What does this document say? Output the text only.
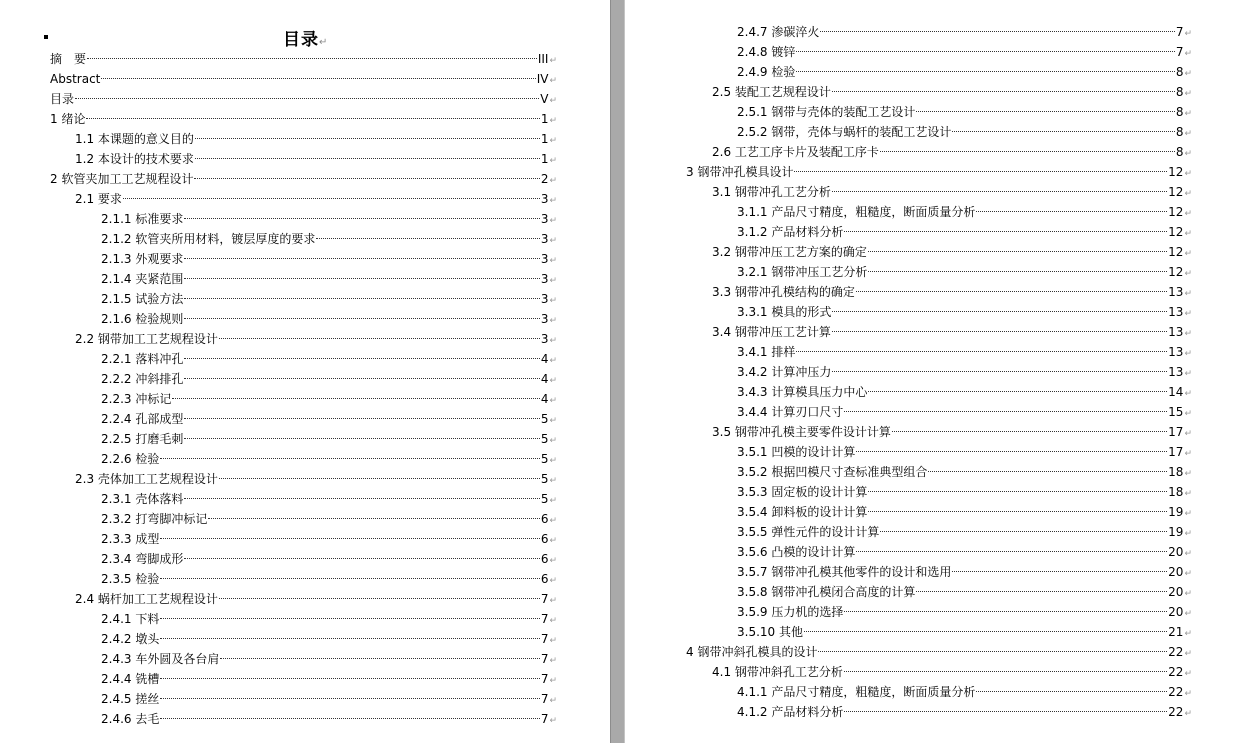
目录↵
摘　要	III ↵
Abstract	IV ↵
目录	V ↵
1 绪论	1 ↵
1.1 本课题的意义目的	1 ↵
1.2 本设计的技术要求	1 ↵
2 软管夹加工工艺规程设计	2 ↵
2.1 要求	3 ↵
2.1.1 标准要求	3 ↵
2.1.2 软管夹所用材料，镀层厚度的要求	3 ↵
2.1.3 外观要求	3 ↵
2.1.4 夹紧范围	3 ↵
2.1.5 试验方法	3 ↵
2.1.6 检验规则	3 ↵
2.2 钢带加工工艺规程设计	3 ↵
2.2.1 落料冲孔	4 ↵
2.2.2 冲斜排孔	4 ↵
2.2.3 冲标记	4 ↵
2.2.4 孔部成型	5 ↵
2.2.5 打磨毛刺	5 ↵
2.2.6 检验	5 ↵
2.3 壳体加工工艺规程设计	5 ↵
2.3.1 壳体落料	5 ↵
2.3.2 打弯脚冲标记	6 ↵
2.3.3 成型	6 ↵
2.3.4 弯脚成形	6 ↵
2.3.5 检验	6 ↵
2.4 蜗杆加工工艺规程设计	7 ↵
2.4.1 下料	7 ↵
2.4.2 墩头	7 ↵
2.4.3 车外圆及各台肩	7 ↵
2.4.4 铣槽	7 ↵
2.4.5 搓丝	7 ↵
2.4.6 去毛	7 ↵
2.4.7 渗碳淬火	7 ↵
2.4.8 镀锌	7 ↵
2.4.9 检验	8 ↵
2.5 装配工艺规程设计	8 ↵
2.5.1 钢带与壳体的装配工艺设计	8 ↵
2.5.2 钢带，壳体与蜗杆的装配工艺设计	8 ↵
2.6 工艺工序卡片及装配工序卡	8 ↵
3 钢带冲孔模具设计	12 ↵
3.1 钢带冲孔工艺分析	12 ↵
3.1.1 产品尺寸精度，粗糙度，断面质量分析	12 ↵
3.1.2 产品材料分析	12 ↵
3.2 钢带冲压工艺方案的确定	12 ↵
3.2.1 钢带冲压工艺分析	12 ↵
3.3 钢带冲孔模结构的确定	13 ↵
3.3.1 模具的形式	13 ↵
3.4 钢带冲压工艺计算	13 ↵
3.4.1 排样	13 ↵
3.4.2 计算冲压力	13 ↵
3.4.3 计算模具压力中心	14 ↵
3.4.4 计算刃口尺寸	15 ↵
3.5 钢带冲孔模主要零件设计计算	17 ↵
3.5.1 凹模的设计计算	17 ↵
3.5.2 根据凹模尺寸查标准典型组合	18 ↵
3.5.3 固定板的设计计算	18 ↵
3.5.4 卸料板的设计计算	19 ↵
3.5.5 弹性元件的设计计算	19 ↵
3.5.6 凸模的设计计算	20 ↵
3.5.7 钢带冲孔模其他零件的设计和选用	20 ↵
3.5.8 钢带冲孔模闭合高度的计算	20 ↵
3.5.9 压力机的选择	20 ↵
3.5.10 其他	21 ↵
4 钢带冲斜孔模具的设计	22 ↵
4.1 钢带冲斜孔工艺分析	22 ↵
4.1.1 产品尺寸精度，粗糙度，断面质量分析	22 ↵
4.1.2 产品材料分析	22 ↵
